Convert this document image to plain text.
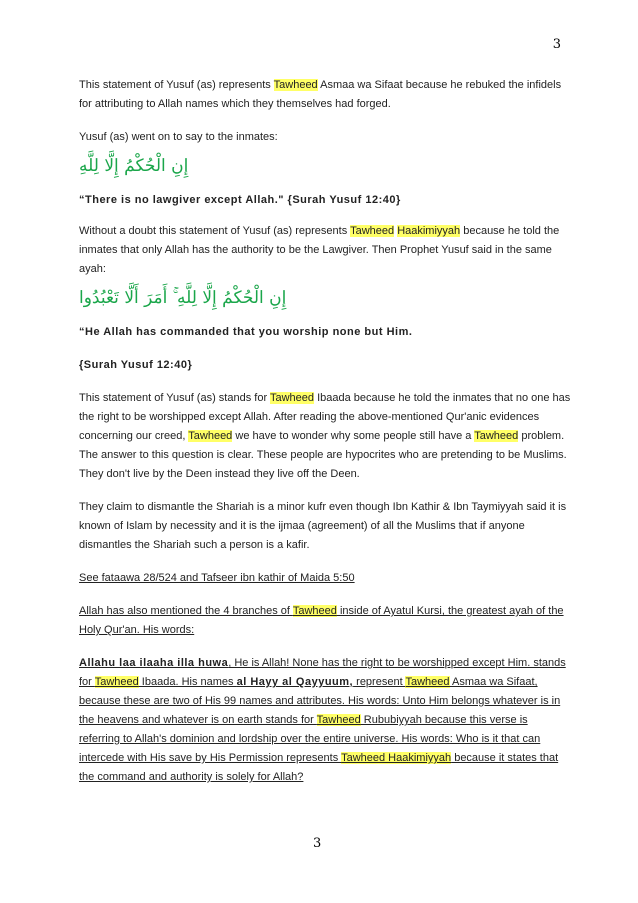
3

This statement of Yusuf (as) represents Tawheed Asmaa wa Sifaat because he rebuked the infidels for attributing to Allah names which they themselves had forged.

Yusuf (as) went on to say to the inmates:

إِنِ الْحُكْمُ إِلَّا لِلَّهِ

“There is no lawgiver except Allah." {Surah Yusuf 12:40}

Without a doubt this statement of Yusuf (as) represents Tawheed Haakimiyyah because he told the inmates that only Allah has the authority to be the Lawgiver. Then Prophet Yusuf said in the same ayah:

إِنِ الْحُكْمُ إِلَّا لِلَّهِ ۚ أَمَرَ أَلَّا تَعْبُدُوا

“He Allah has commanded that you worship none but Him.

{Surah Yusuf 12:40}

This statement of Yusuf (as) stands for Tawheed Ibaada because he told the inmates that no one has the right to be worshipped except Allah. After reading the above-mentioned Qur'anic evidences concerning our creed, Tawheed we have to wonder why some people still have a Tawheed problem. The answer to this question is clear. These people are hypocrites who are pretending to be Muslims. They don't live by the Deen instead they live off the Deen.

They claim to dismantle the Shariah is a minor kufr even though Ibn Kathir & Ibn Taymiyyah said it is known of Islam by necessity and it is the ijmaa (agreement) of all the Muslims that if anyone dismantles the Shariah such a person is a kafir.

See fataawa 28/524 and Tafseer ibn kathir of Maida 5:50

Allah has also mentioned the 4 branches of Tawheed inside of Ayatul Kursi, the greatest ayah of the Holy Qur'an. His words:

Allahu laa ilaaha illa huwa, He is Allah! None has the right to be worshipped except Him. stands for Tawheed Ibaada. His names al Hayy al Qayyuum, represent Tawheed Asmaa wa Sifaat, because these are two of His 99 names and attributes. His words: Unto Him belongs whatever is in the heavens and whatever is on earth stands for Tawheed Rububiyyah because this verse is referring to Allah's dominion and lordship over the entire universe. His words: Who is it that can intercede with His save by His Permission represents Tawheed Haakimiyyah because it states that the command and authority is solely for Allah?

3
